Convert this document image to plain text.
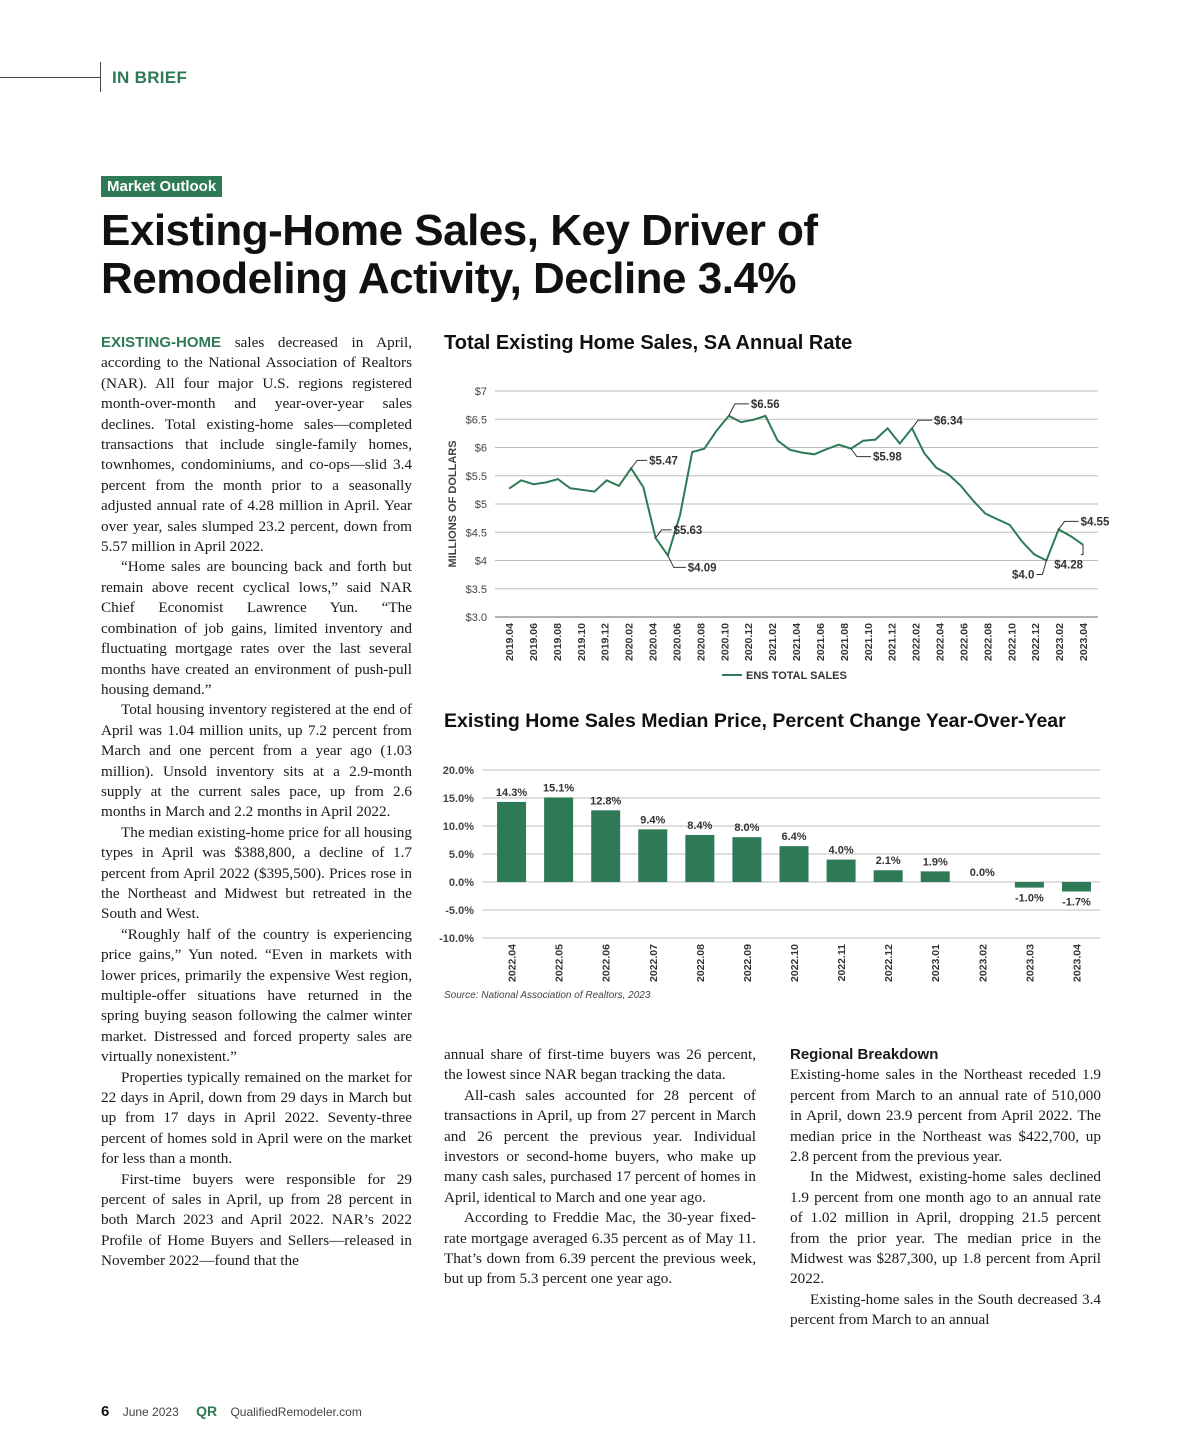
IN BRIEF
Market Outlook
Existing-Home Sales, Key Driver of Remodeling Activity, Decline 3.4%

EXISTING-HOME sales decreased in April, according to the National Association of Realtors (NAR). All four major U.S. regions registered month-over-month and year-over-year sales declines. Total existing-home sales—completed transactions that include single-family homes, townhomes, condominiums, and co-ops—slid 3.4 percent from the month prior to a seasonally adjusted annual rate of 4.28 million in April. Year over year, sales slumped 23.2 percent, down from 5.57 million in April 2022.

“Home sales are bouncing back and forth but remain above recent cyclical lows,” said NAR Chief Economist Lawrence Yun. “The combination of job gains, limited inventory and fluctuating mortgage rates over the last several months have created an environment of push-pull housing demand.”

Total housing inventory registered at the end of April was 1.04 million units, up 7.2 percent from March and one percent from a year ago (1.03 million). Unsold inventory sits at a 2.9-month supply at the current sales pace, up from 2.6 months in March and 2.2 months in April 2022.

The median existing-home price for all housing types in April was $388,800, a decline of 1.7 percent from April 2022 ($395,500). Prices rose in the Northeast and Midwest but retreated in the South and West.

“Roughly half of the country is experiencing price gains,” Yun noted. “Even in markets with lower prices, primarily the expensive West region, multiple-offer situations have returned in the spring buying season following the calmer winter market. Distressed and forced property sales are virtually nonexistent.”

Properties typically remained on the market for 22 days in April, down from 29 days in March but up from 17 days in April 2022. Seventy-three percent of homes sold in April were on the market for less than a month.

First-time buyers were responsible for 29 percent of sales in April, up from 28 percent in both March 2023 and April 2022. NAR’s 2022 Profile of Home Buyers and Sellers—released in November 2022—found that the

annual share of first-time buyers was 26 percent, the lowest since NAR began tracking the data.

All-cash sales accounted for 28 percent of transactions in April, up from 27 percent in March and 26 percent the previous year. Individual investors or second-home buyers, who make up many cash sales, purchased 17 percent of homes in April, identical to March and one year ago.

According to Freddie Mac, the 30-year fixed-rate mortgage averaged 6.35 percent as of May 11. That’s down from 6.39 percent the previous week, but up from 5.3 percent one year ago.

Regional Breakdown

Existing-home sales in the Northeast receded 1.9 percent from March to an annual rate of 510,000 in April, down 23.9 percent from April 2022. The median price in the Northeast was $422,700, up 2.8 percent from the previous year.

In the Midwest, existing-home sales declined 1.9 percent from one month ago to an annual rate of 1.02 million in April, dropping 21.5 percent from the prior year. The median price in the Midwest was $287,300, up 1.8 percent from April 2022.

Existing-home sales in the South decreased 3.4 percent from March to an annual

Total Existing Home Sales, SA Annual Rate
$3.0
$3.5
$4
$4.5
$5
$5.5
$6
$6.5
$7
MILLIONS OF DOLLARS
2019.04 2019.06 2019.08 2019.10 2019.12 2020.02 2020.04 2020.06 2020.08 2020.10 2020.12 2021.02 2021.04 2021.06 2021.08 2021.10 2021.12 2022.02 2022.04 2022.06 2022.08 2022.10 2022.12 2023.02 2023.04
$5.47
$5.63
$6.56
$6.34
$5.98
$4.09
$4.55
$4.0
$4.28
ENS TOTAL SALES
Existing Home Sales Median Price, Percent Change Year-Over-Year
-10.0%
-5.0%
0.0%
5.0%
10.0%
15.0%
20.0%
14.3%
2022.04
15.1%
2022.05
12.8%
2022.06
9.4%
2022.07
8.4%
2022.08
8.0%
2022.09
6.4%
2022.10
4.0%
2022.11
2.1%
2022.12
1.9%
2023.01
0.0%
2023.02
-1.0%
2023.03
-1.7%
2023.04
Source: National Association of Realtors, 2023
6 June 2023 QR QualifiedRemodeler.com
